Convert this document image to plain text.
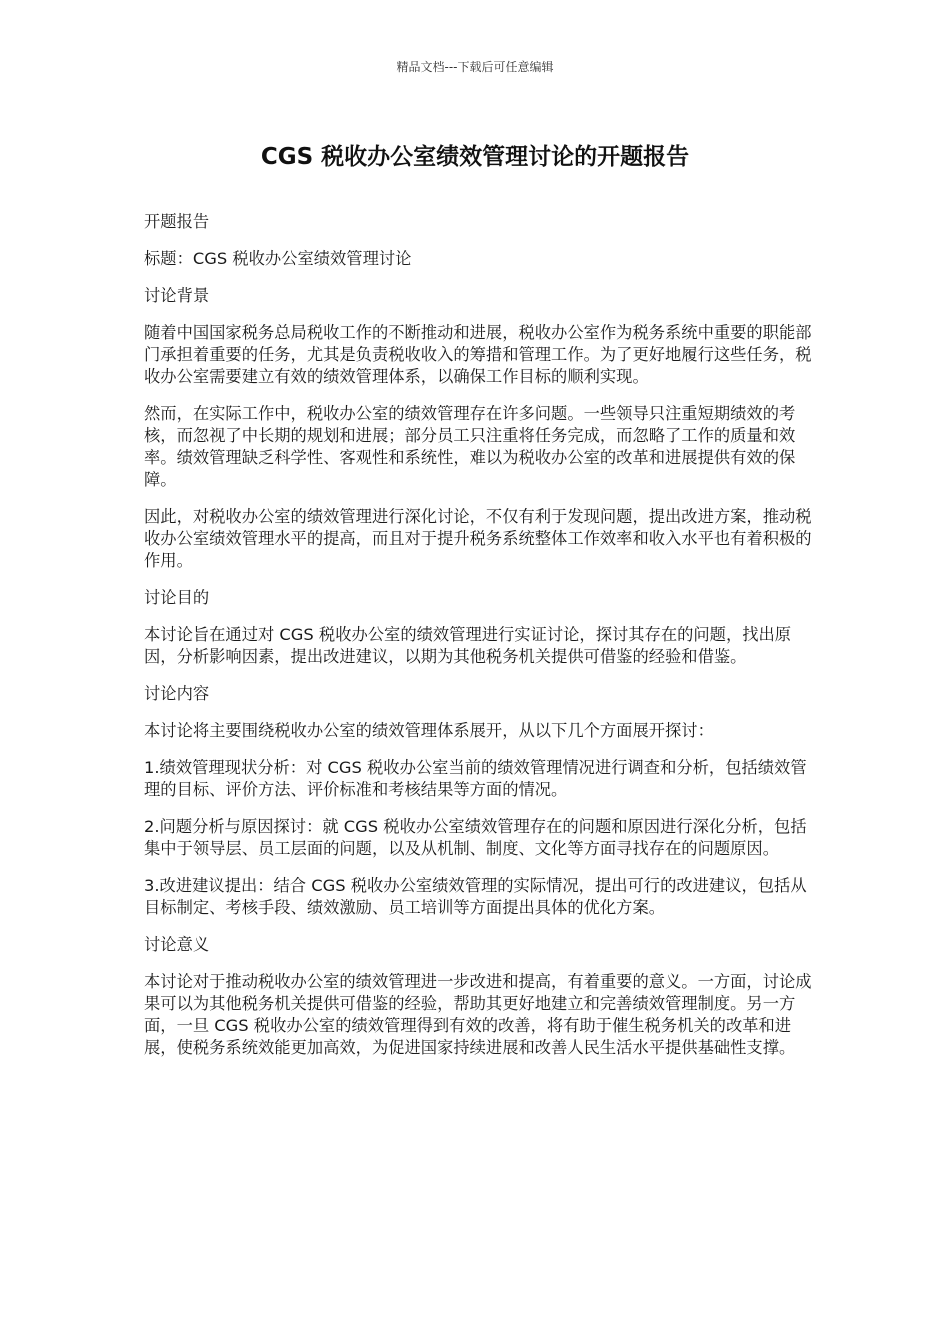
精品文档---下载后可任意编辑
CGS 税收办公室绩效管理讨论的开题报告

开题报告

标题：CGS 税收办公室绩效管理讨论

讨论背景

随着中国国家税务总局税收工作的不断推动和进展，税收办公室作为税务系统中重要的职能部门承担着重要的任务，尤其是负责税收收入的筹措和管理工作。为了更好地履行这些任务，税收办公室需要建立有效的绩效管理体系，以确保工作目标的顺利实现。

然而，在实际工作中，税收办公室的绩效管理存在许多问题。一些领导只注重短期绩效的考核，而忽视了中长期的规划和进展；部分员工只注重将任务完成，而忽略了工作的质量和效率。绩效管理缺乏科学性、客观性和系统性，难以为税收办公室的改革和进展提供有效的保障。

因此，对税收办公室的绩效管理进行深化讨论，不仅有利于发现问题，提出改进方案，推动税收办公室绩效管理水平的提高，而且对于提升税务系统整体工作效率和收入水平也有着积极的作用。

讨论目的

本讨论旨在通过对 CGS 税收办公室的绩效管理进行实证讨论，探讨其存在的问题，找出原因，分析影响因素，提出改进建议，以期为其他税务机关提供可借鉴的经验和借鉴。

讨论内容

本讨论将主要围绕税收办公室的绩效管理体系展开，从以下几个方面展开探讨：

1.绩效管理现状分析：对 CGS 税收办公室当前的绩效管理情况进行调查和分析，包括绩效管理的目标、评价方法、评价标准和考核结果等方面的情况。

2.问题分析与原因探讨：就 CGS 税收办公室绩效管理存在的问题和原因进行深化分析，包括集中于领导层、员工层面的问题，以及从机制、制度、文化等方面寻找存在的问题原因。

3.改进建议提出：结合 CGS 税收办公室绩效管理的实际情况，提出可行的改进建议，包括从目标制定、考核手段、绩效激励、员工培训等方面提出具体的优化方案。

讨论意义

本讨论对于推动税收办公室的绩效管理进一步改进和提高，有着重要的意义。一方面，讨论成果可以为其他税务机关提供可借鉴的经验，帮助其更好地建立和完善绩效管理制度。另一方面，一旦 CGS 税收办公室的绩效管理得到有效的改善，将有助于催生税务机关的改革和进展，使税务系统效能更加高效，为促进国家持续进展和改善人民生活水平提供基础性支撑。
